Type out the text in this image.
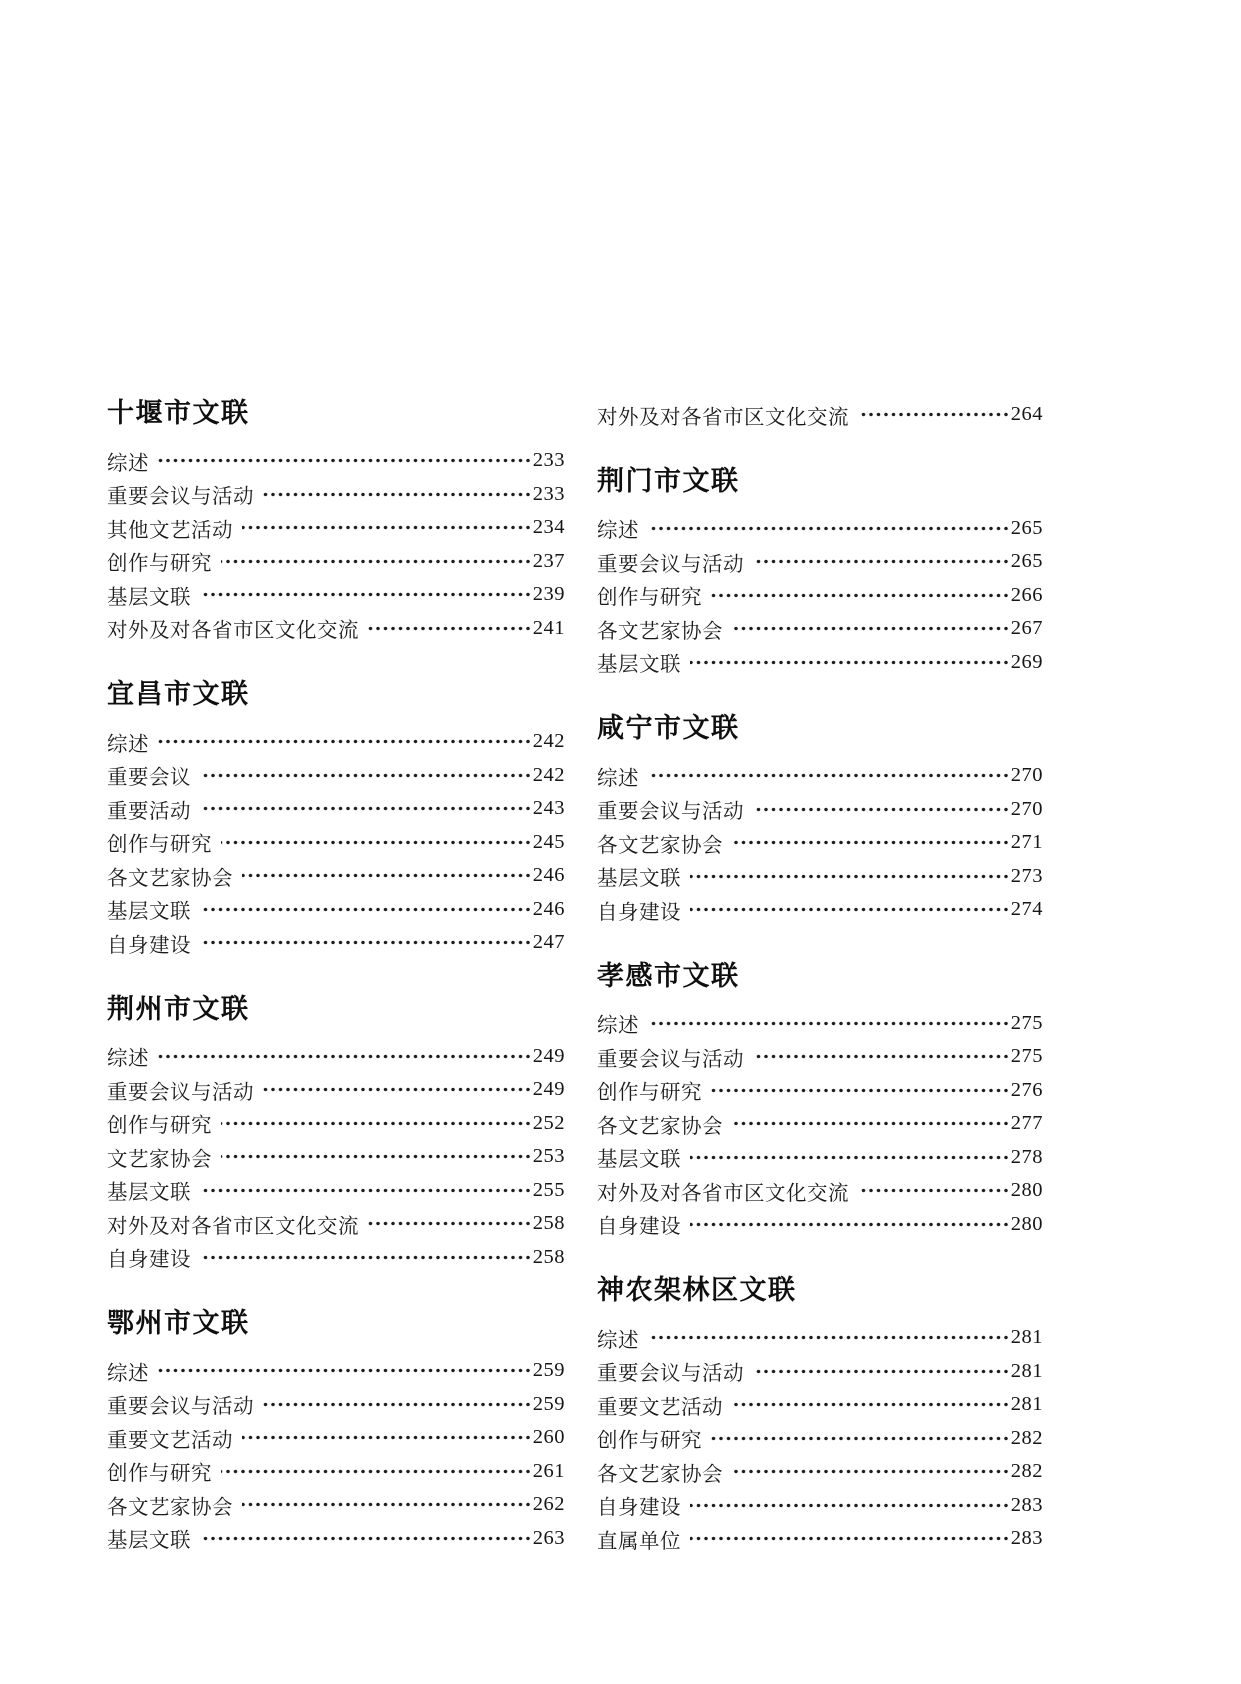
十堰市文联
综述	233
重要会议与活动	233
其他文艺活动	234
创作与研究	237
基层文联	239
对外及对各省市区文化交流	241
宜昌市文联
综述	242
重要会议	242
重要活动	243
创作与研究	245
各文艺家协会	246
基层文联	246
自身建设	247
荆州市文联
综述	249
重要会议与活动	249
创作与研究	252
文艺家协会	253
基层文联	255
对外及对各省市区文化交流	258
自身建设	258
鄂州市文联
综述	259
重要会议与活动	259
重要文艺活动	260
创作与研究	261
各文艺家协会	262
基层文联	263
对外及对各省市区文化交流	264
荆门市文联
综述	265
重要会议与活动	265
创作与研究	266
各文艺家协会	267
基层文联	269
咸宁市文联
综述	270
重要会议与活动	270
各文艺家协会	271
基层文联	273
自身建设	274
孝感市文联
综述	275
重要会议与活动	275
创作与研究	276
各文艺家协会	277
基层文联	278
对外及对各省市区文化交流	280
自身建设	280
神农架林区文联
综述	281
重要会议与活动	281
重要文艺活动	281
创作与研究	282
各文艺家协会	282
自身建设	283
直属单位	283
